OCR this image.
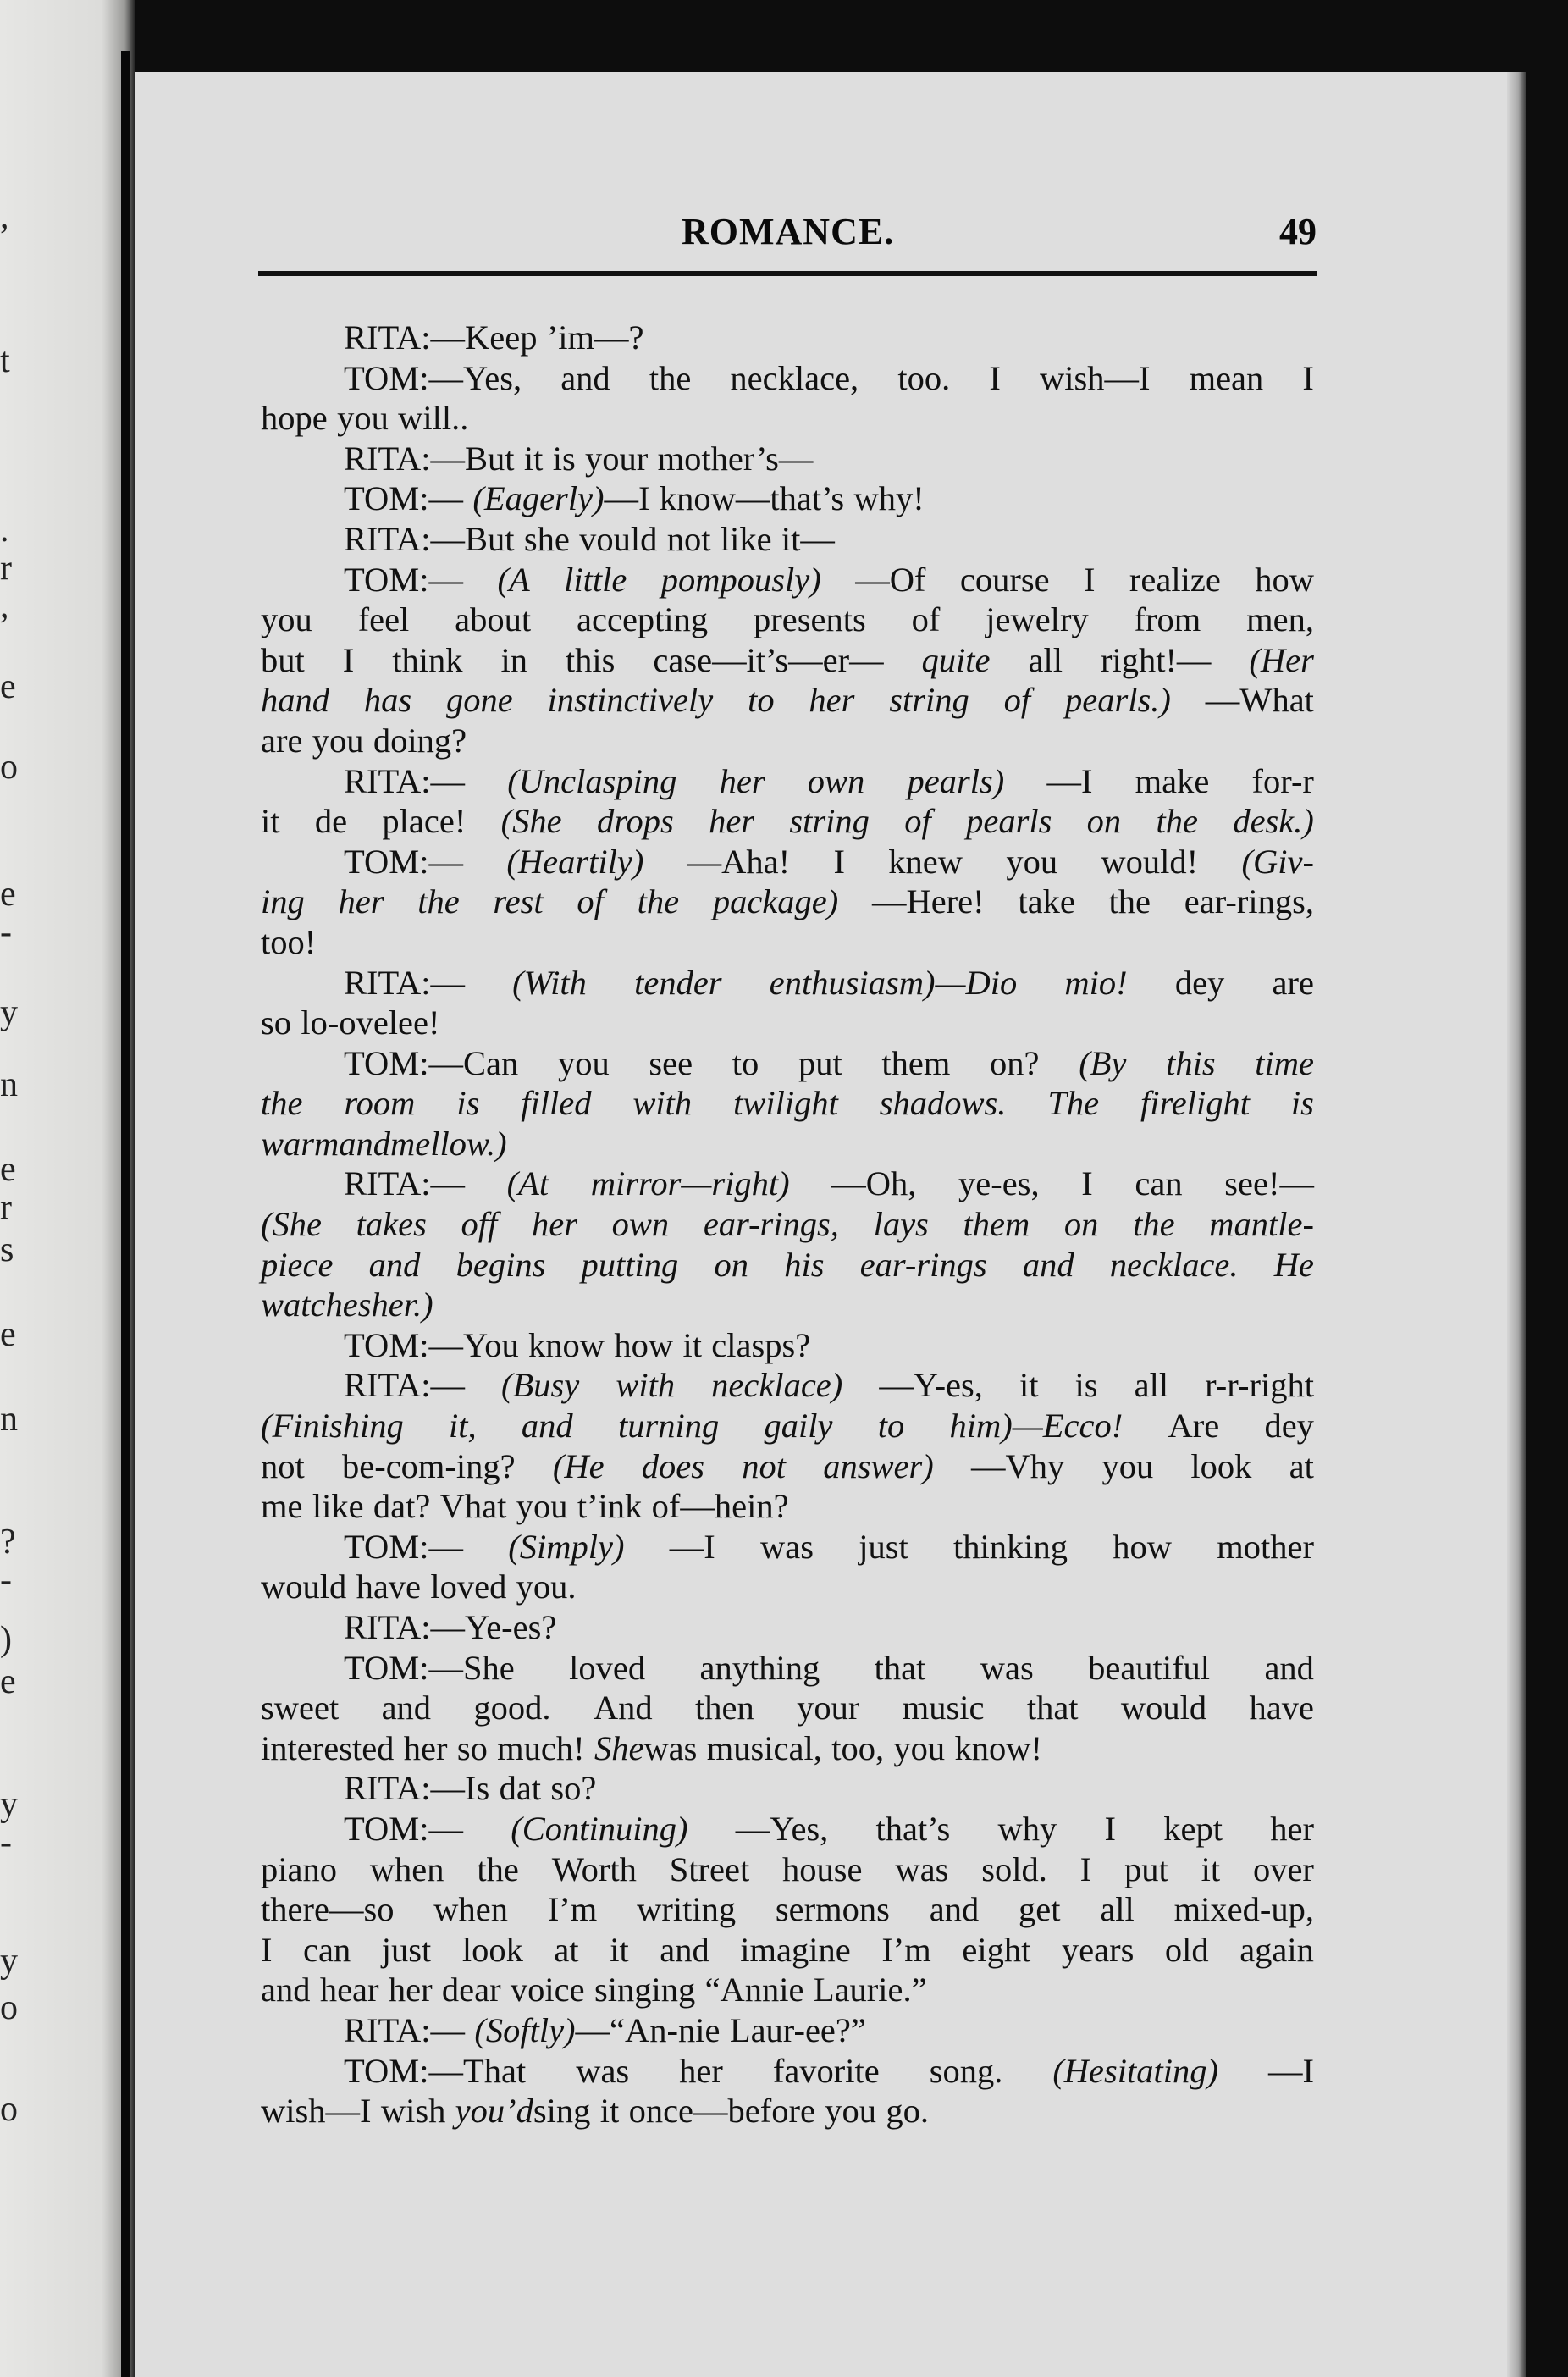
,
t
.
r
,
e
o
e
-
y
n
e
r
s
e
n
?
-
)
e
y
-
y
o
o
ROMANCE.	49
RITA:—Keep ’im—?
TOM:—Yes, and the necklace, too. I wish—I mean I
hope you will..
RITA:—But it is your mother’s—
TOM:— (Eagerly) —I know—that’s why!
RITA:—But she vould not like it—
TOM:— (A little pompously) —Of course I realize how
you feel about accepting presents of jewelry from men,
but I think in this case—it’s—er— quite all right!— (Her
hand has gone instinctively to her string of pearls.) —What
are you doing?
RITA:— (Unclasping her own pearls) —I make for-r
it de place! (She drops her string of pearls on the desk.)
TOM:— (Heartily) —Aha! I knew you would! (Giv-
ing her the rest of the package) —Here! take the ear-rings,
too!
RITA:— (With tender enthusiasm)—Dio mio! dey are
so lo-ovelee!
TOM:—Can you see to put them on? (By this time
the room is filled with twilight shadows. The firelight is
warm and mellow.)
RITA:— (At mirror—right) —Oh, ye-es, I can see!—
(She takes off her own ear-rings, lays them on the mantle-
piece and begins putting on his ear-rings and necklace. He
watches her.)
TOM:—You know how it clasps?
RITA:— (Busy with necklace) —Y-es, it is all r-r-right
(Finishing it, and turning gaily to him)—Ecco! Are dey
not be-com-ing? (He does not answer) —Vhy you look at
me like dat? Vhat you t’ink of—hein?
TOM:— (Simply) —I was just thinking how mother
would have loved you.
RITA:—Ye-es?
TOM:—She loved anything that was beautiful and
sweet and good. And then your music that would have
interested her so much! She was musical, too, you know!
RITA:—Is dat so?
TOM:— (Continuing) —Yes, that’s why I kept her
piano when the Worth Street house was sold. I put it over
there—so when I’m writing sermons and get all mixed-up,
I can just look at it and imagine I’m eight years old again
and hear her dear voice singing “Annie Laurie.”
RITA:— (Softly) —“An-nie Laur-ee?”
TOM:—That was her favorite song. (Hesitating) —I
wish—I wish you’d sing it once—before you go.
